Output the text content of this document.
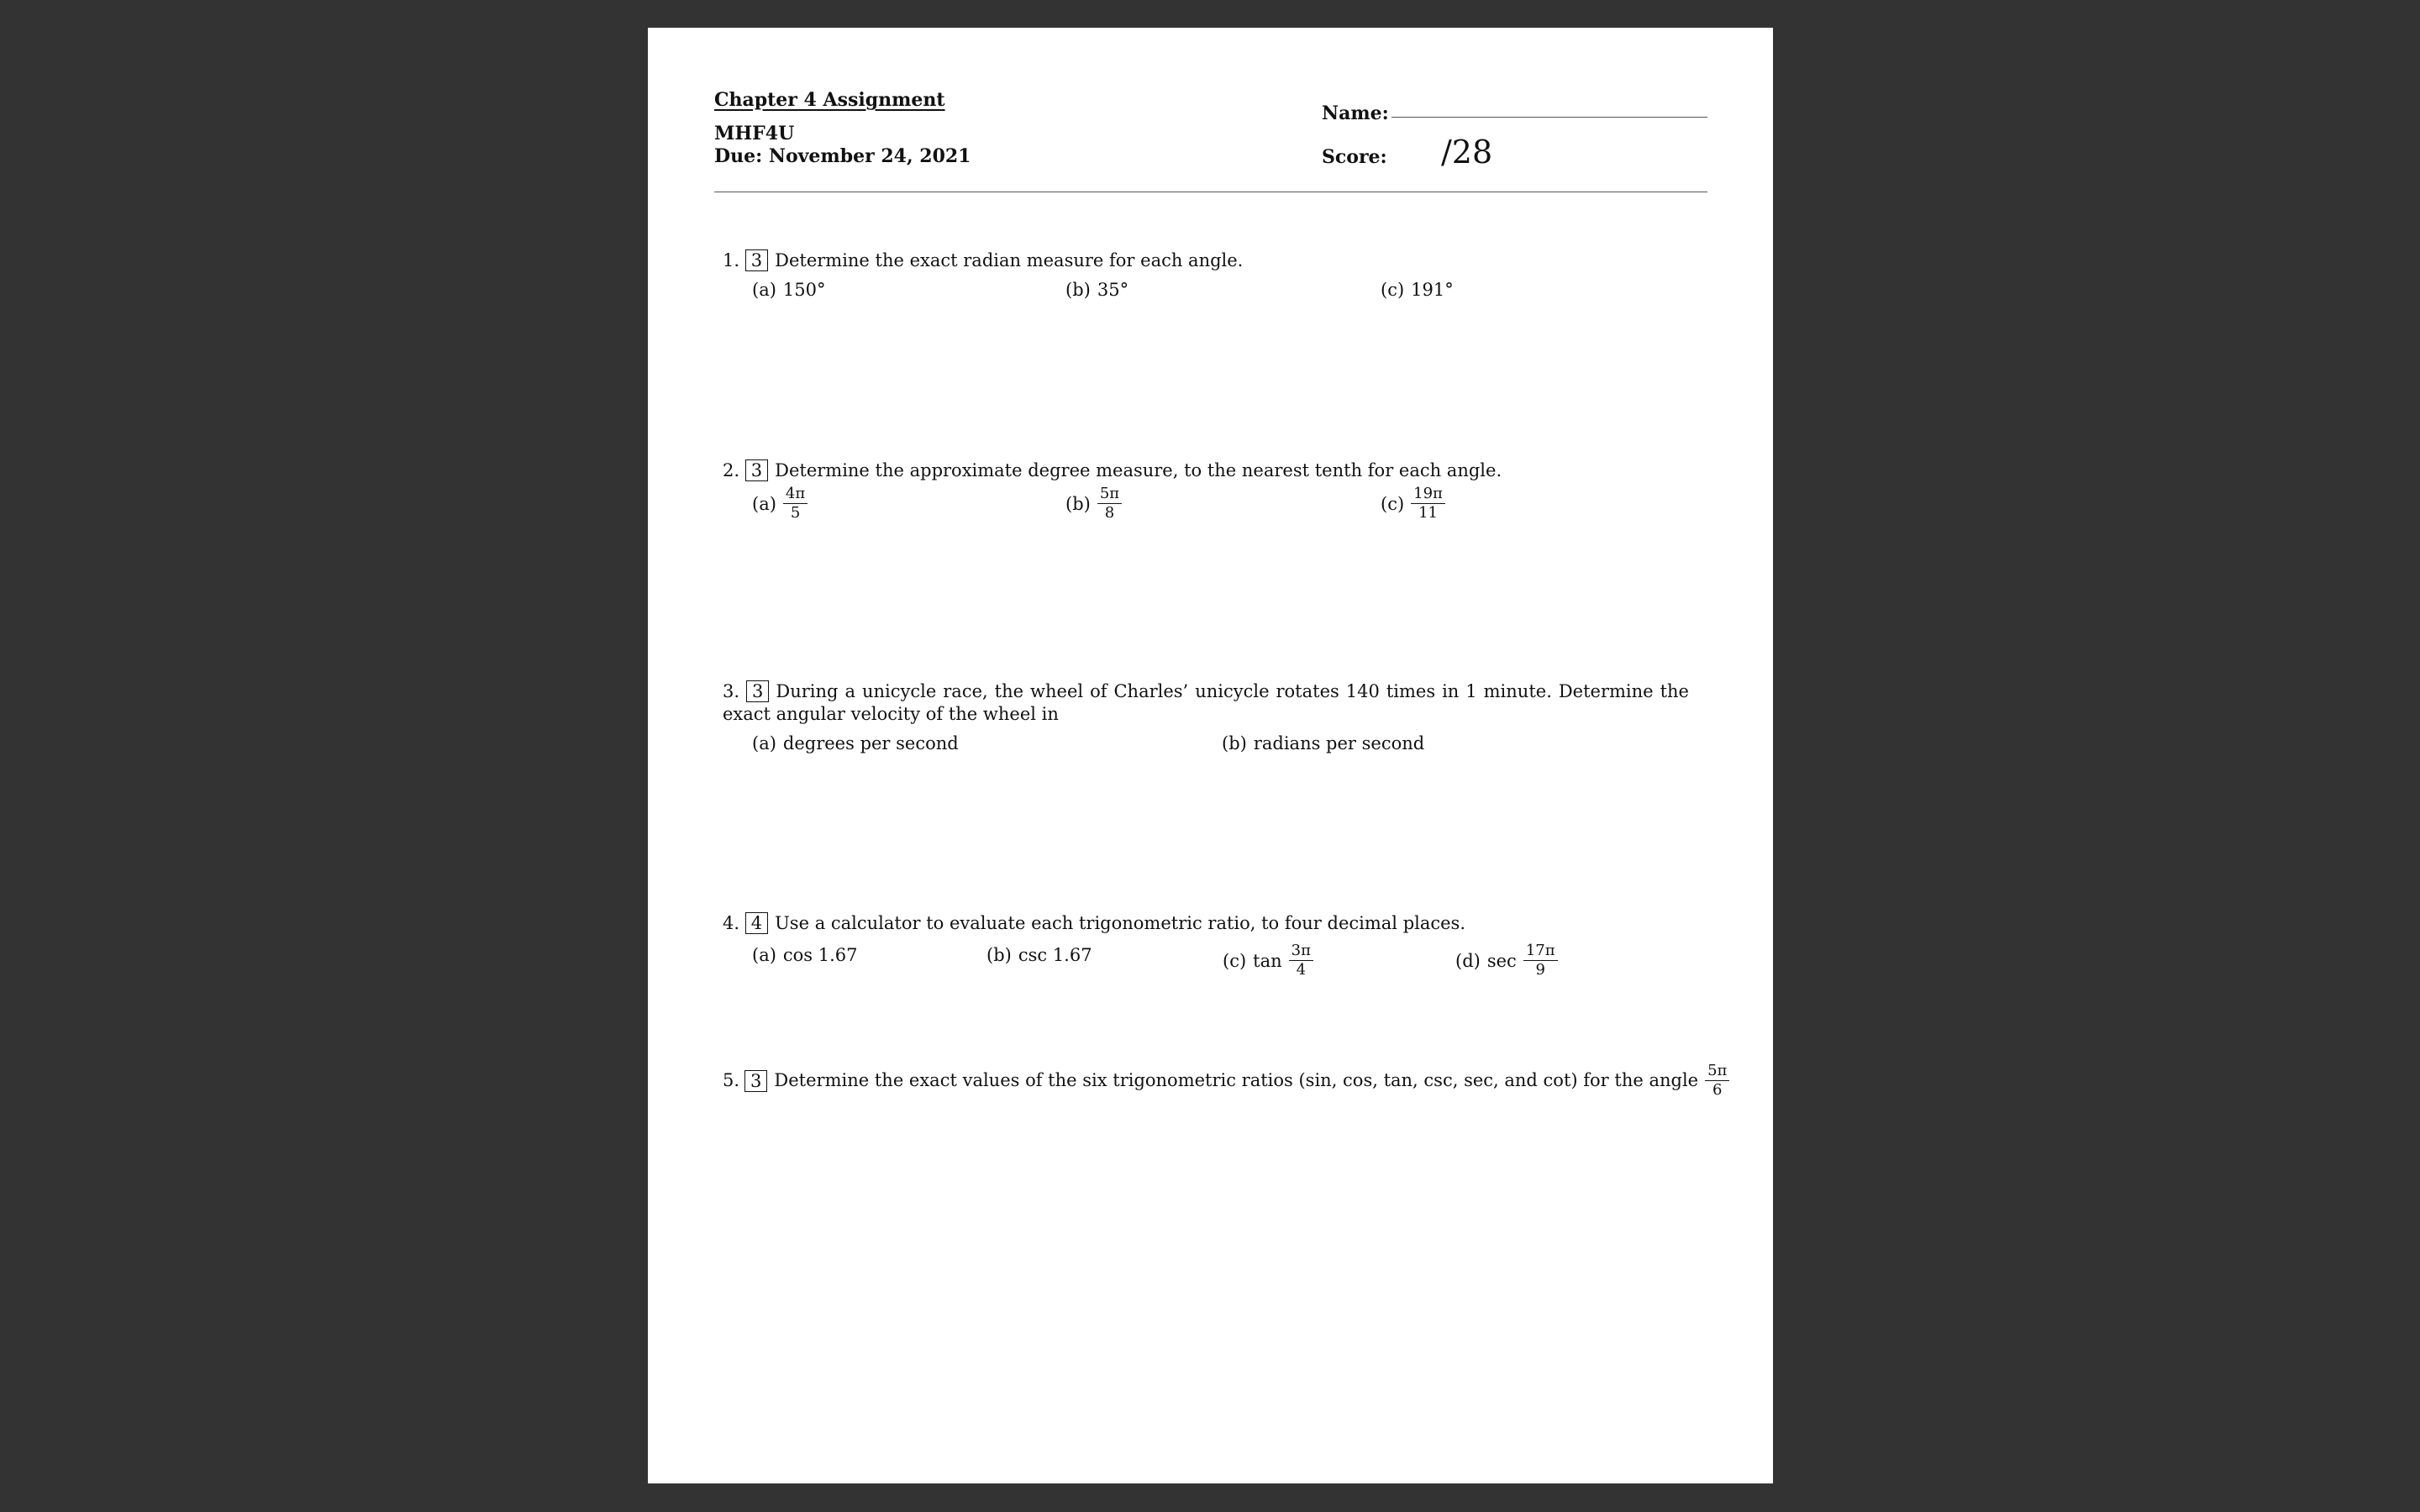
Chapter 4 Assignment
MHF4U
Due: November 24, 2021
Name:
Score: /28
1. 3 Determine the exact radian measure for each angle.
(a) 150°	(b) 35°	(c) 191°
2. 3 Determine the approximate degree measure, to the nearest tenth for each angle.
$(a) \frac{4\pi}{5}$	$(b) \frac{5\pi}{8}$	$(c) \frac{19\pi}{11}$
3. 3 During a unicycle race, the wheel of Charles’ unicycle rotates 140 times in 1 minute. Determine the exact angular velocity of the wheel in
(a) degrees per second	(b) radians per second
4. 4 Use a calculator to evaluate each trigonometric ratio, to four decimal places.
(a) cos 1.67	(b) csc 1.67	(c) $\tan \frac{3\pi}{4}$	(d) $\sec \frac{17\pi}{9}$
5. 3 Determine the exact values of the six trigonometric ratios (sin, cos, tan, csc, sec, and cot) for the angle $\frac{5\pi}{6}$
